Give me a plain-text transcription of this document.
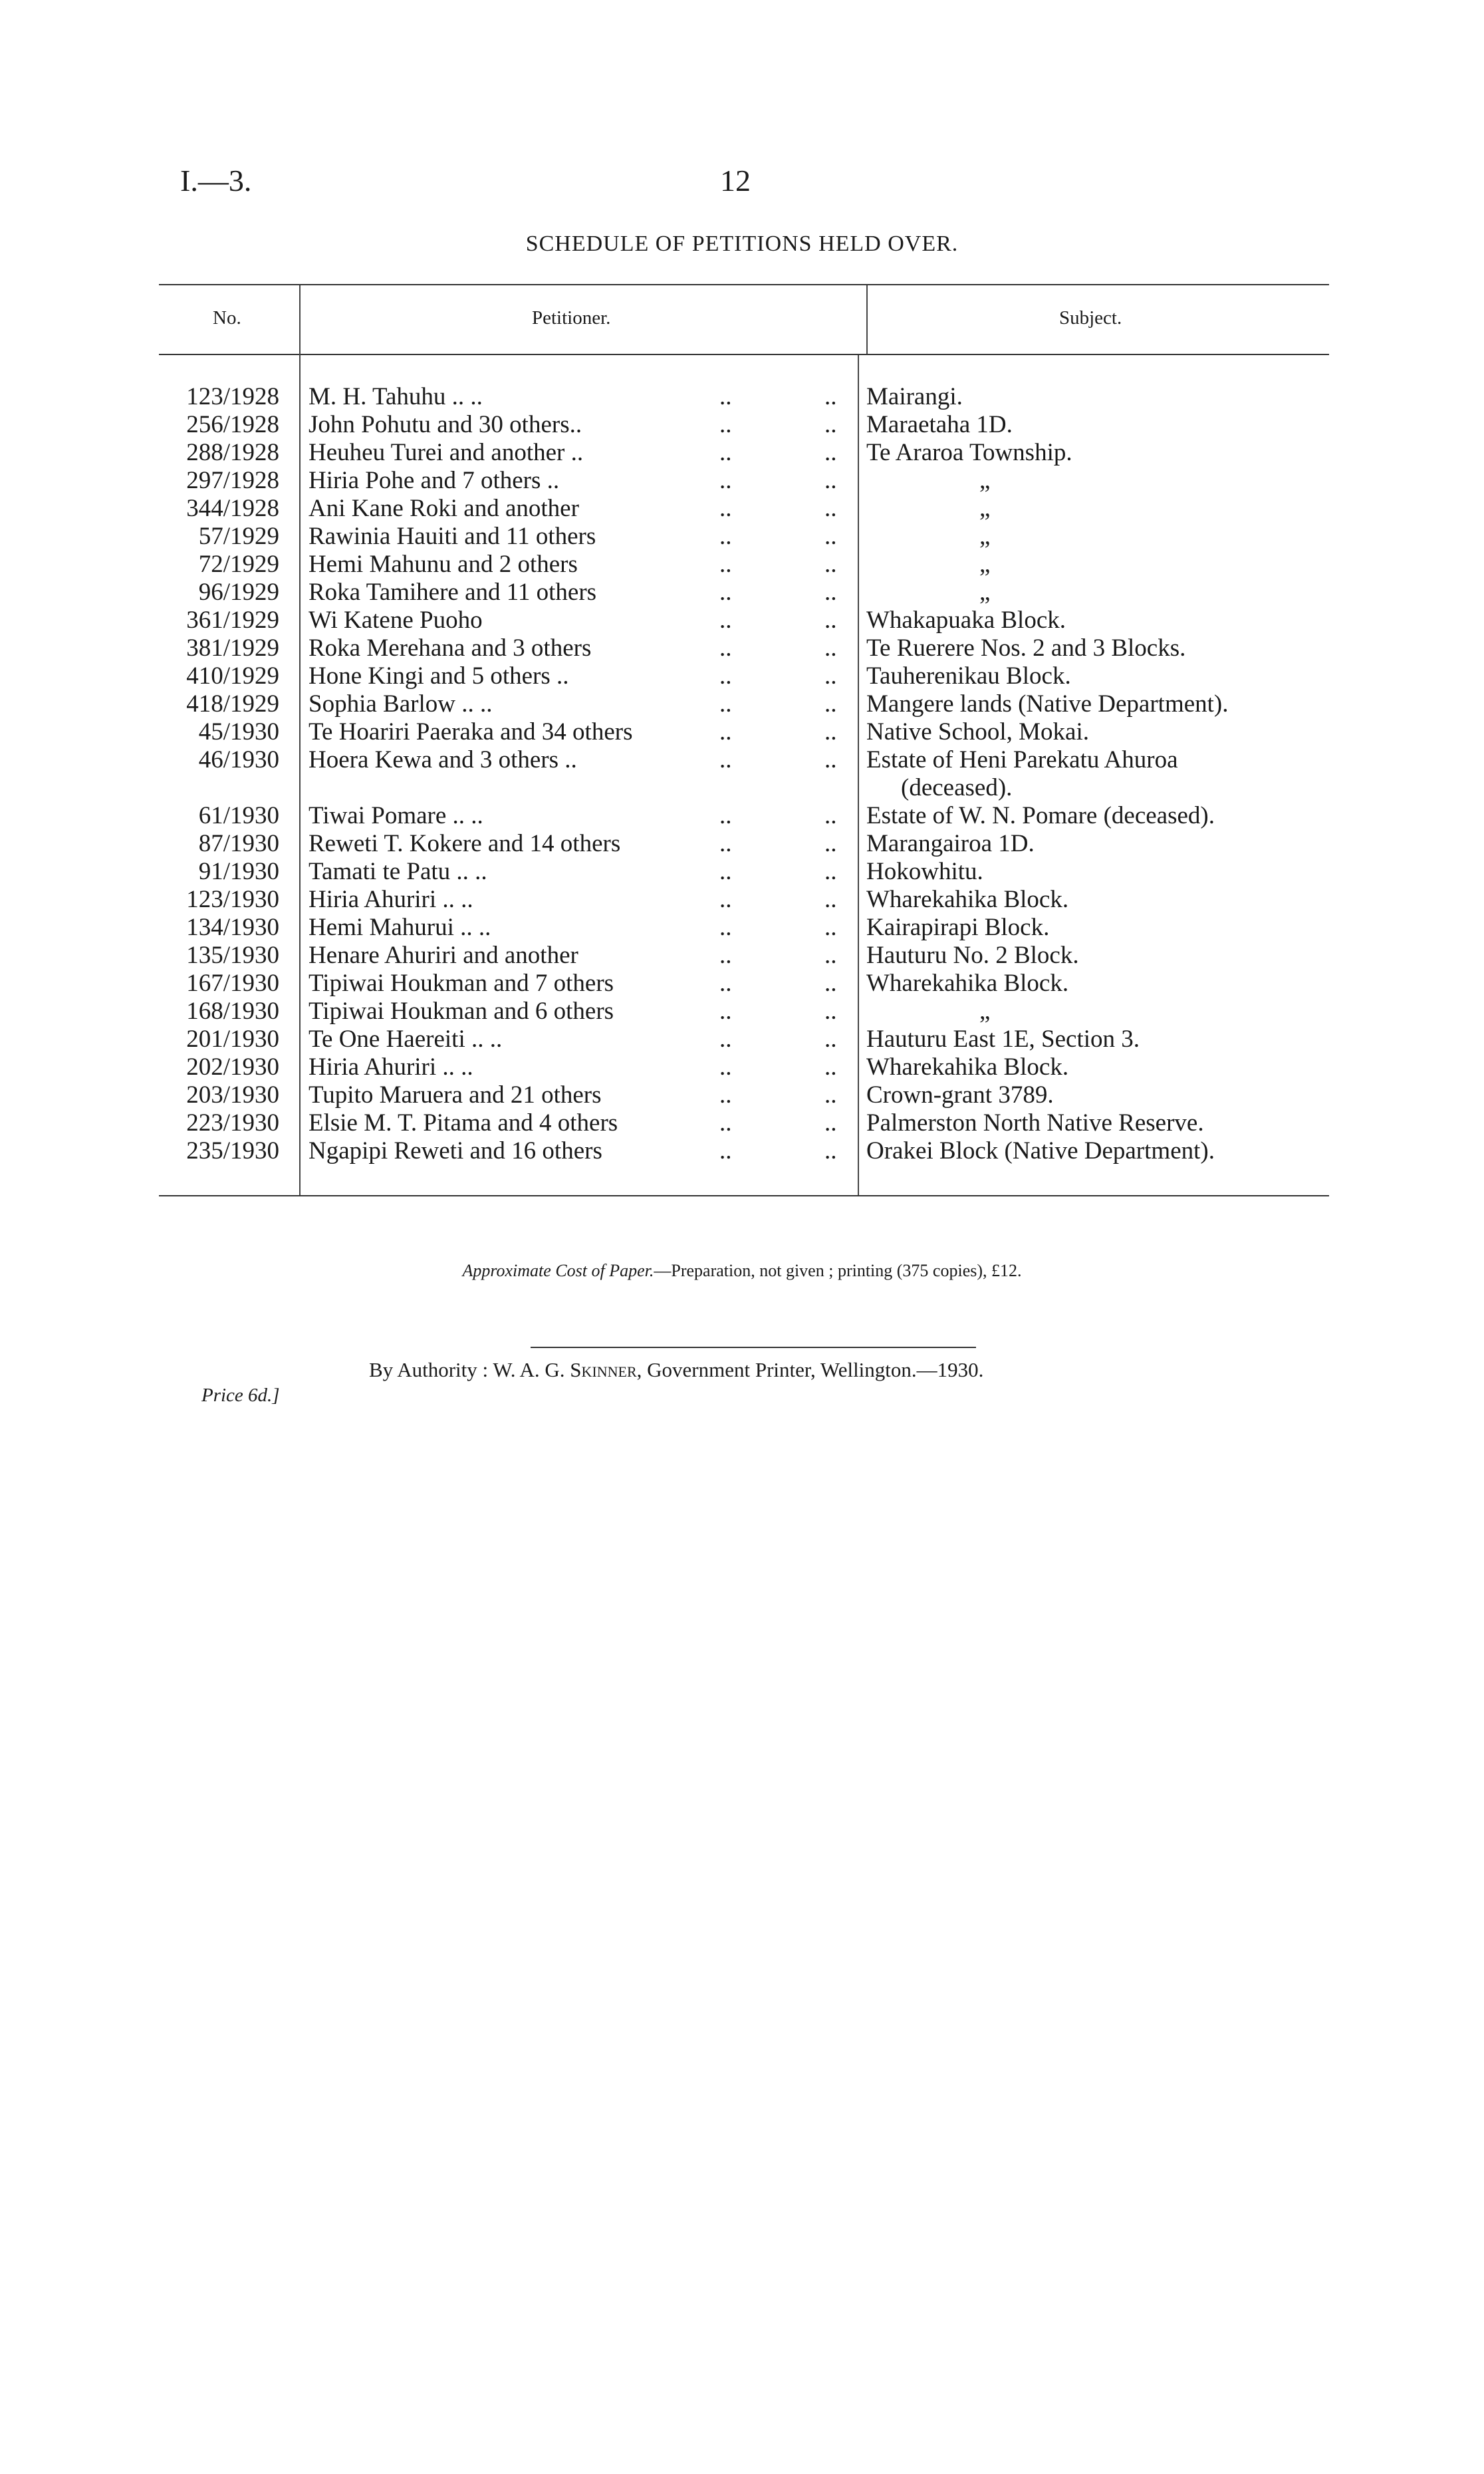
I.—3.	12
SCHEDULE OF PETITIONS HELD OVER.
No.	Petitioner.	Subject.
123/1928 M. H. Tahuhu .. ..	..	.. Mairangi.
256/1928 John Pohutu and 30 others..	..	.. Maraetaha 1D.
288/1928 Heuheu Turei and another ..	..	.. Te Araroa Township.
297/1928 Hiria Pohe and 7 others ..	..	..	„
344/1928 Ani Kane Roki and another	..	..	„
57/1929 Rawinia Hauiti and 11 others	..	..	„
72/1929 Hemi Mahunu and 2 others	..	..	„
96/1929 Roka Tamihere and 11 others	..	..	„
361/1929 Wi Katene Puoho	..	.. Whakapuaka Block.
381/1929 Roka Merehana and 3 others	..	.. Te Ruerere Nos. 2 and 3 Blocks.
410/1929 Hone Kingi and 5 others ..	..	.. Tauherenikau Block.
418/1929 Sophia Barlow .. ..	..	.. Mangere lands (Native Department).
45/1930 Te Hoariri Paeraka and 34 others	..	.. Native School, Mokai.
46/1930 Hoera Kewa and 3 others ..	..	.. Estate of Heni Parekatu Ahuroa
(deceased).
61/1930 Tiwai Pomare .. ..	..	.. Estate of W. N. Pomare (deceased).
87/1930 Reweti T. Kokere and 14 others	..	.. Marangairoa 1D.
91/1930 Tamati te Patu .. ..	..	.. Hokowhitu.
123/1930 Hiria Ahuriri .. ..	..	.. Wharekahika Block.
134/1930 Hemi Mahurui .. ..	..	.. Kairapirapi Block.
135/1930 Henare Ahuriri and another	..	.. Hauturu No. 2 Block.
167/1930 Tipiwai Houkman and 7 others	..	.. Wharekahika Block.
168/1930 Tipiwai Houkman and 6 others	..	..	„
201/1930 Te One Haereiti .. ..	..	.. Hauturu East 1E, Section 3.
202/1930 Hiria Ahuriri .. ..	..	.. Wharekahika Block.
203/1930 Tupito Maruera and 21 others	..	.. Crown-grant 3789.
223/1930 Elsie M. T. Pitama and 4 others	..	.. Palmerston North Native Reserve.
235/1930 Ngapipi Reweti and 16 others	..	.. Orakei Block (Native Department).
Approximate Cost of Paper.—Preparation, not given ; printing (375 copies), £12.
By Authority : W. A. G. Skinner, Government Printer, Wellington.—1930.
Price 6d.]
